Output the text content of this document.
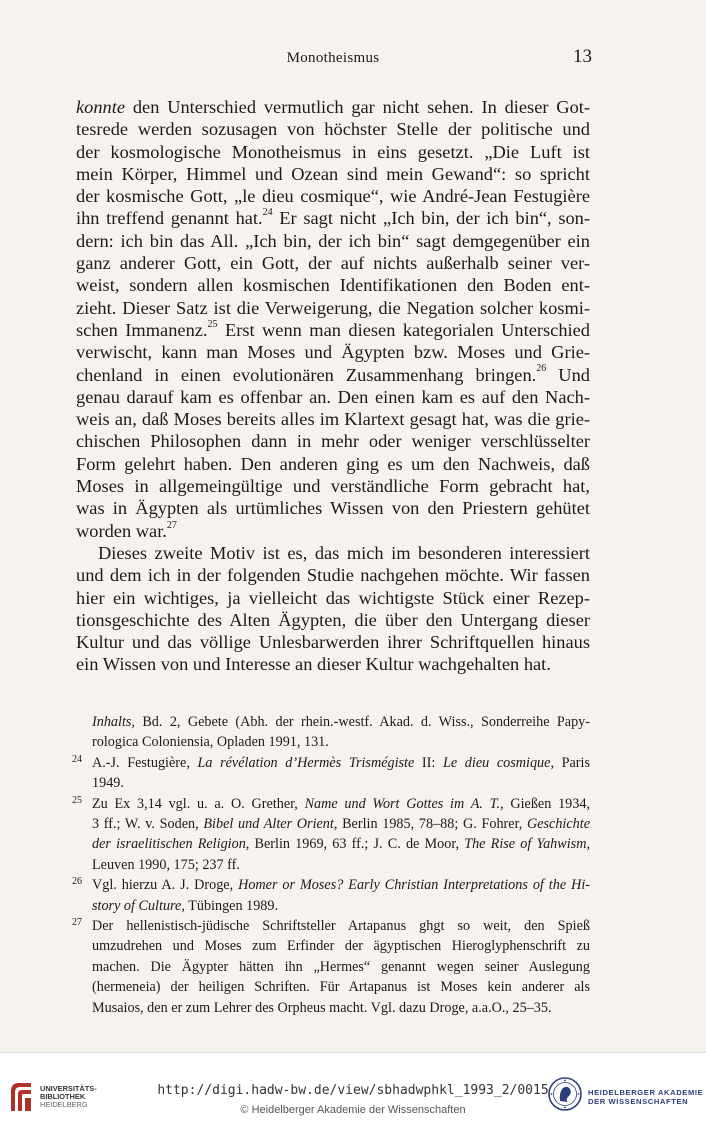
Monotheismus	13
konnte den Unterschied vermutlich gar nicht sehen. In dieser Got-
tesrede werden sozusagen von höchster Stelle der politische und
der kosmologische Monotheismus in eins gesetzt. „Die Luft ist
mein Körper, Himmel und Ozean sind mein Gewand“: so spricht
der kosmische Gott, „le dieu cosmique“, wie André-Jean Festugière
ihn treffend genannt hat.$^{24}$ Er sagt nicht „Ich bin, der ich bin“, son-
dern: ich bin das All. „Ich bin, der ich bin“ sagt demgegenüber ein
ganz anderer Gott, ein Gott, der auf nichts außerhalb seiner ver-
weist, sondern allen kosmischen Identifikationen den Boden ent-
zieht. Dieser Satz ist die Verweigerung, die Negation solcher kosmi-
schen Immanenz.$^{25}$ Erst wenn man diesen kategorialen Unterschied
verwischt, kann man Moses und Ägypten bzw. Moses und Grie-
chenland in einen evolutionären Zusammenhang bringen.$^{26}$ Und
genau darauf kam es offenbar an. Den einen kam es auf den Nach-
weis an, daß Moses bereits alles im Klartext gesagt hat, was die grie-
chischen Philosophen dann in mehr oder weniger verschlüsselter
Form gelehrt haben. Den anderen ging es um den Nachweis, daß
Moses in allgemeingültige und verständliche Form gebracht hat,
was in Ägypten als urtümliches Wissen von den Priestern gehütet
worden war.$^{27}$
Dieses zweite Motiv ist es, das mich im besonderen interessiert
und dem ich in der folgenden Studie nachgehen möchte. Wir fassen
hier ein wichtiges, ja vielleicht das wichtigste Stück einer Rezep-
tionsgeschichte des Alten Ägypten, die über den Untergang dieser
Kultur und das völlige Unlesbarwerden ihrer Schriftquellen hinaus
ein Wissen von und Interesse an dieser Kultur wachgehalten hat.
Inhalts, Bd. 2, Gebete (Abh. der rhein.-westf. Akad. d. Wiss., Sonderreihe Papy-
rologica Coloniensia, Opladen 1991, 131.
24 A.-J. Festugière, La révélation d’Hermès Trismégiste II: Le dieu cosmique, Paris
1949.
25 Zu Ex 3,14 vgl. u. a. O. Grether, Name und Wort Gottes im A. T., Gießen 1934,
3 ff.; W. v. Soden, Bibel und Alter Orient, Berlin 1985, 78–88; G. Fohrer, Geschichte
der israelitischen Religion, Berlin 1969, 63 ff.; J. C. de Moor, The Rise of Yahwism,
Leuven 1990, 175; 237 ff.
26 Vgl. hierzu A. J. Droge, Homer or Moses? Early Christian Interpretations of the Hi-
story of Culture, Tübingen 1989.
27 Der hellenistisch-jüdische Schriftsteller Artapanus ghgt so weit, den Spieß
umzudrehen und Moses zum Erfinder der ägyptischen Hieroglyphenschrift zu
machen. Die Ägypter hätten ihn „Hermes“ genannt wegen seiner Auslegung
(hermeneia) der heiligen Schriften. Für Artapanus ist Moses kein anderer als
Musaios, den er zum Lehrer des Orpheus macht. Vgl. dazu Droge, a.a.O., 25–35.
UNIVERSITÄTS-
BIBLIOTHEK
HEIDELBERG
http://digi.hadw-bw.de/view/sbhadwphkl_1993_2/0015
© Heidelberger Akademie der Wissenschaften
HEIDELBERGER AKADEMIE
DER WISSENSCHAFTEN
